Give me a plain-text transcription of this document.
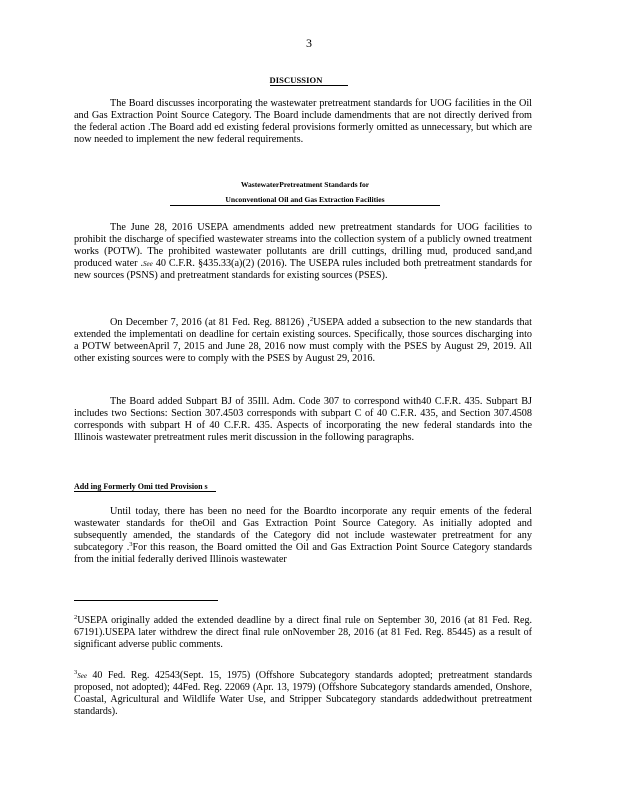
3
DISCUSSION

The Board discusses incorporating the wastewater pretreatment standards for UOG facilities in the Oil and Gas Extraction Point Source Category. The Board include damendments that are not directly derived from the federal action .The Board add ed existing federal provisions formerly omitted as unnecessary, but which are now needed to implement the new federal requirements.

WastewaterPretreatment Standards for
Unconventional Oil and Gas Extraction Facilities

The June 28, 2016 USEPA amendments added new pretreatment standards for UOG facilities to prohibit the discharge of specified wastewater streams into the collection system of a publicly owned treatment works (POTW). The prohibited wastewater pollutants are drill cuttings, drilling mud, produced sand,and produced water .See 40 C.F.R. §435.33(a)(2) (2016). The USEPA rules included both pretreatment standards for new sources (PSNS) and pretreatment standards for existing sources (PSES).

On December 7, 2016 (at 81 Fed. Reg. 88126) ,$^2$USEPA added a subsection to the new standards that extended the implementati on deadline for certain existing sources. Specifically, those sources discharging into a POTW betweenApril 7, 2015 and June 28, 2016 now must comply with the PSES by August 29, 2019. All other existing sources were to comply with the PSES by August 29, 2016.

The Board added Subpart BJ of 35Ill. Adm. Code 307 to correspond with40 C.F.R. 435. Subpart BJ includes two Sections: Section 307.4503 corresponds with subpart C of 40 C.F.R. 435, and Section 307.4508 corresponds with subpart H of 40 C.F.R. 435. Aspects of incorporating the new federal standards into the Illinois wastewater pretreatment rules merit discussion in the following paragraphs.

Add ing Formerly Omi tted Provision s

Until today, there has been no need for the Boardto incorporate any requir ements of the federal wastewater standards for theOil and Gas Extraction Point Source Category. As initially adopted and subsequently amended, the standards of the Category did not include wastewater pretreatment for any subcategory .$^3$For this reason, the Board omitted the Oil and Gas Extraction Point Source Category standards from the initial federally derived Illinois wastewater

$^2$USEPA originally added the extended deadline by a direct final rule on September 30, 2016 (at 81 Fed. Reg. 67191).USEPA later withdrew the direct final rule onNovember 28, 2016 (at 81 Fed. Reg. 85445) as a result of significant adverse public comments.

$^3$See 40 Fed. Reg. 42543(Sept. 15, 1975) (Offshore Subcategory standards adopted; pretreatment standards proposed, not adopted); 44Fed. Reg. 22069 (Apr. 13, 1979) (Offshore Subcategory standards amended, Onshore, Coastal, Agricultural and Wildlife Water Use, and Stripper Subcategory standards addedwithout pretreatment standards).
